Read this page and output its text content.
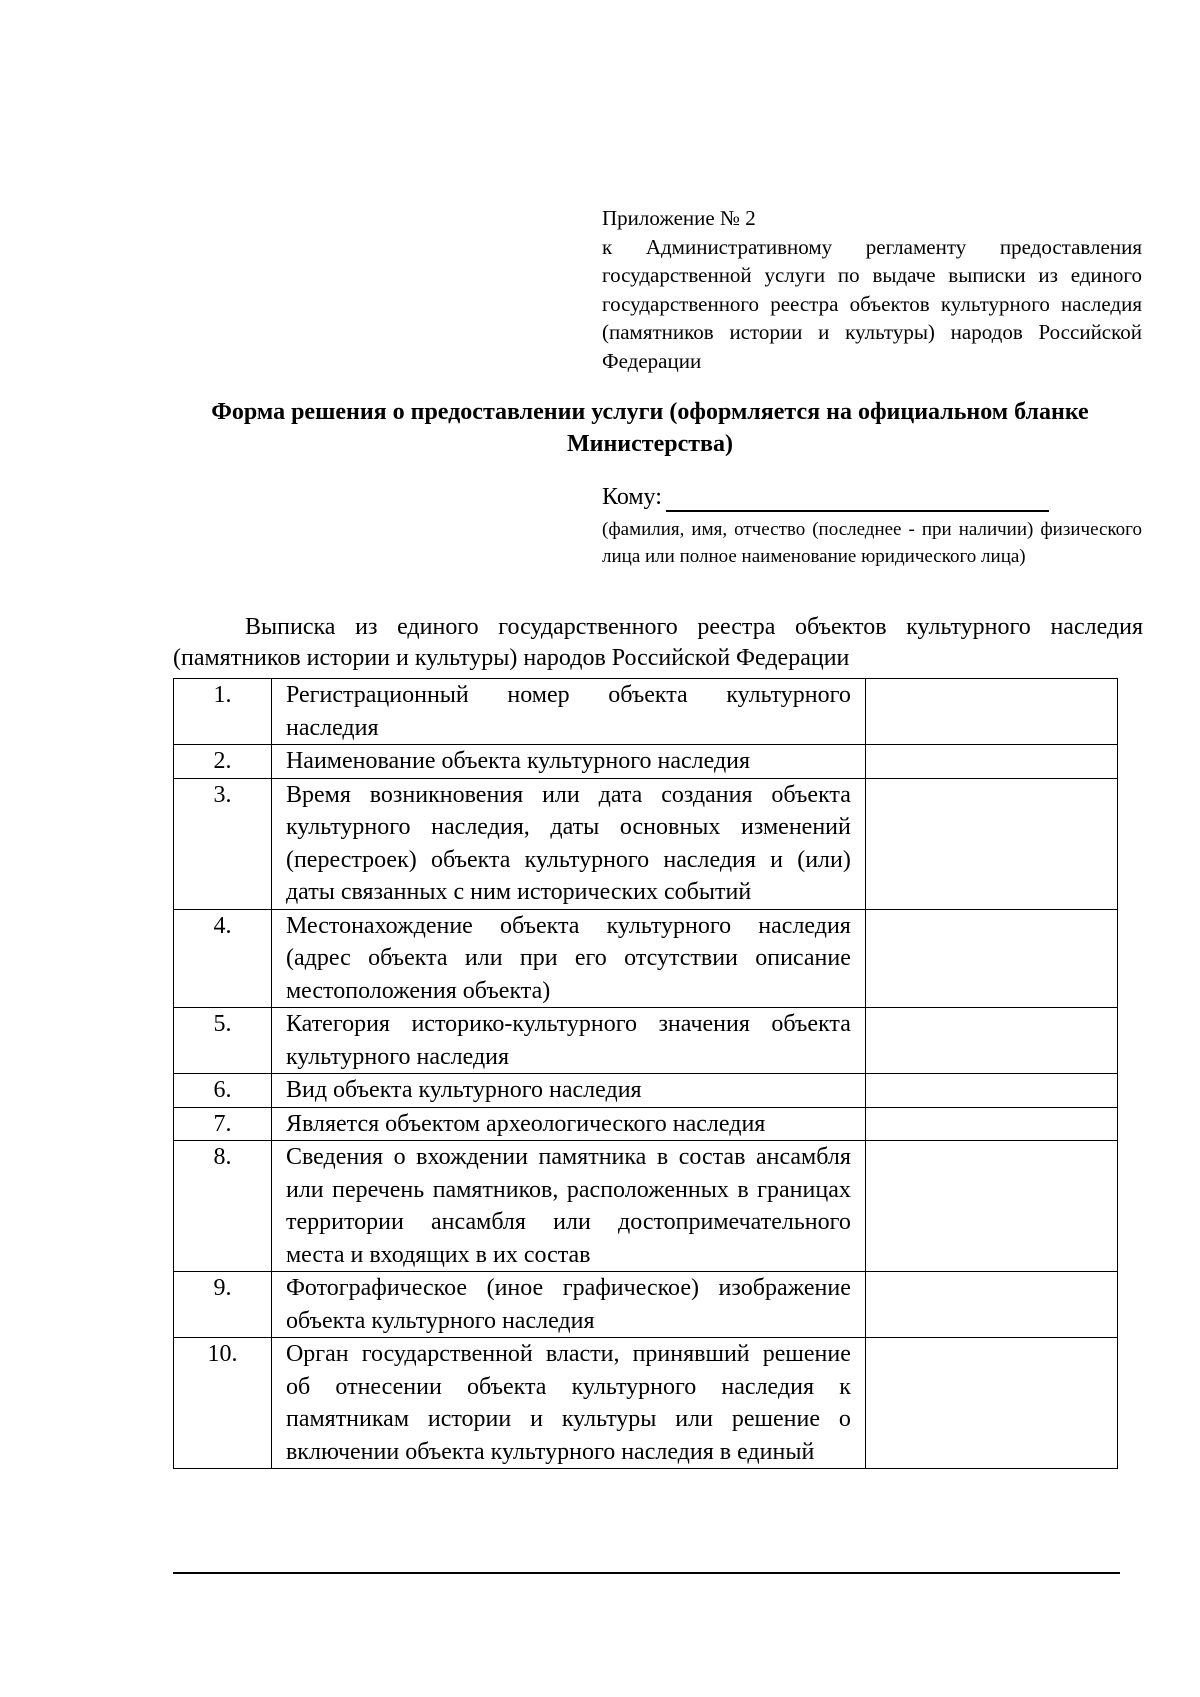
Приложение № 2
к Административному регламенту предоставления государственной услуги по выдаче выписки из единого государственного реестра объектов культурного наследия (памятников истории и культуры) народов Российской Федерации
Форма решения о предоставлении услуги (оформляется на официальном бланке Министерства)
Кому:
(фамилия, имя, отчество (последнее - при наличии) физического лица или полное наименование юридического лица)
Выписка из единого государственного реестра объектов культурного наследия (памятников истории и культуры) народов Российской Федерации
1.	Регистрационный номер объекта культурного наследия	
2.	Наименование объекта культурного наследия	
3.	Время возникновения или дата создания объекта культурного наследия, даты основных изменений (перестроек) объекта культурного наследия и (или) даты связанных с ним исторических событий	
4.	Местонахождение объекта культурного наследия (адрес объекта или при его отсутствии описание местоположения объекта)	
5.	Категория историко-культурного значения объекта культурного наследия	
6.	Вид объекта культурного наследия	
7.	Является объектом археологического наследия	
8.	Сведения о вхождении памятника в состав ансамбля или перечень памятников, расположенных в границах территории ансамбля или достопримечательного места и входящих в их состав	
9.	Фотографическое (иное графическое) изображение объекта культурного наследия	
10.	Орган государственной власти, принявший решение об отнесении объекта культурного наследия к памятникам истории и культуры или решение о включении объекта культурного наследия в единый	
